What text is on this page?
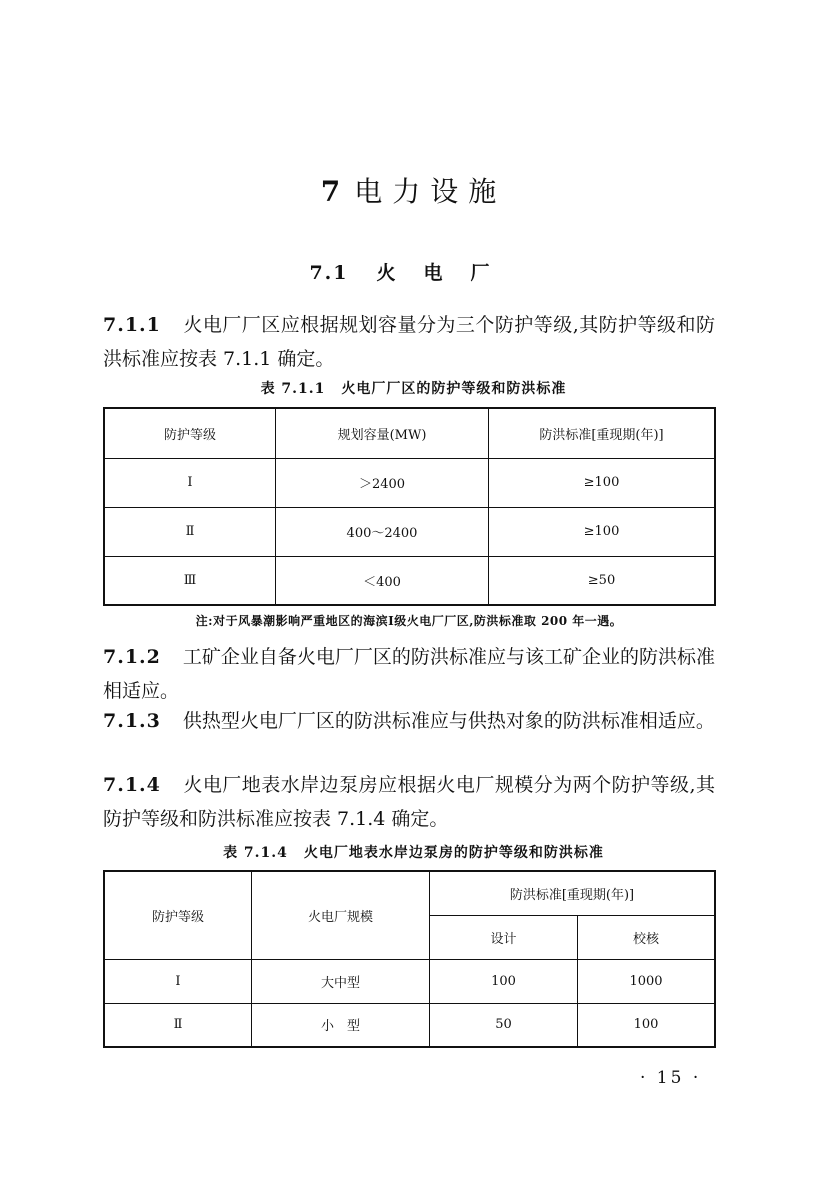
7 电力设施
7.1 火电厂
7.1.1 火电厂厂区应根据规划容量分为三个防护等级,其防护等级和防洪标准应按表 7.1.1 确定。
表 7.1.1 火电厂厂区的防护等级和防洪标准
防护等级	规划容量(MW)	防洪标准[重现期(年)]
Ⅰ	＞2400	≥100
Ⅱ	400～2400	≥100
Ⅲ	＜400	≥50
注:对于风暴潮影响严重地区的海滨Ⅰ级火电厂厂区,防洪标准取 200 年一遇。
7.1.2 工矿企业自备火电厂厂区的防洪标准应与该工矿企业的防洪标准相适应。
7.1.3 供热型火电厂厂区的防洪标准应与供热对象的防洪标准相适应。
7.1.4 火电厂地表水岸边泵房应根据火电厂规模分为两个防护等级,其防护等级和防洪标准应按表 7.1.4 确定。
表 7.1.4 火电厂地表水岸边泵房的防护等级和防洪标准
防护等级	火电厂规模	防洪标准[重现期(年)]	
		设计	校核
Ⅰ	大中型	100	1000
Ⅱ	小　型	50	100
· 15 ·
